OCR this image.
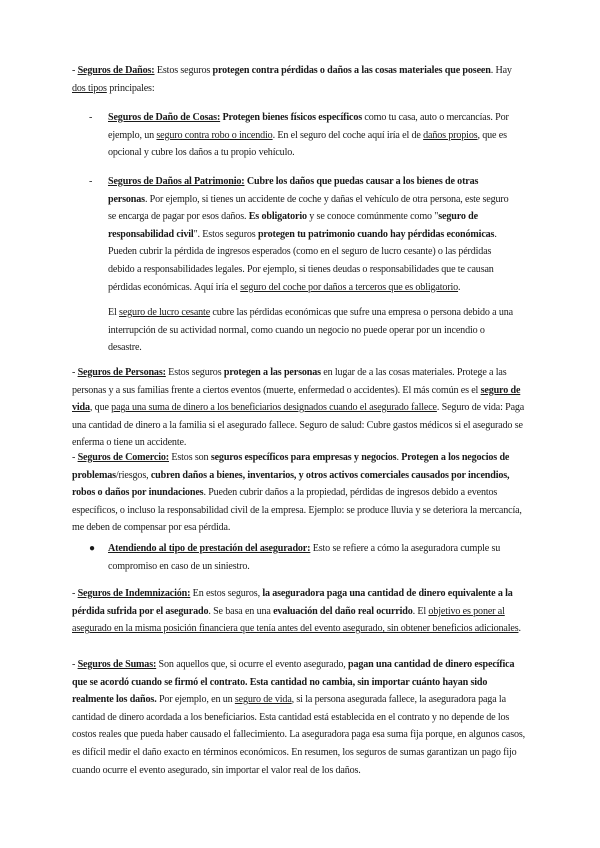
- Seguros de Daños: Estos seguros protegen contra pérdidas o daños a las cosas materiales que poseen. Hay dos tipos principales:

- Seguros de Daño de Cosas: Protegen bienes físicos específicos como tu casa, auto o mercancías. Por ejemplo, un seguro contra robo o incendio. En el seguro del coche aquí iría el de daños propios, que es opcional y cubre los daños a tu propio vehículo.

- Seguros de Daños al Patrimonio: Cubre los daños que puedas causar a los bienes de otras personas. Por ejemplo, si tienes un accidente de coche y dañas el vehículo de otra persona, este seguro se encarga de pagar por esos daños. Es obligatorio y se conoce comúnmente como "seguro de responsabilidad civil". Estos seguros protegen tu patrimonio cuando hay pérdidas económicas. Pueden cubrir la pérdida de ingresos esperados (como en el seguro de lucro cesante) o las pérdidas debido a responsabilidades legales. Por ejemplo, si tienes deudas o responsabilidades que te causan pérdidas económicas. Aquí iría el seguro del coche por daños a terceros que es obligatorio.

El seguro de lucro cesante cubre las pérdidas económicas que sufre una empresa o persona debido a una interrupción de su actividad normal, como cuando un negocio no puede operar por un incendio o desastre.

- Seguros de Personas: Estos seguros protegen a las personas en lugar de a las cosas materiales. Protege a las personas y a sus familias frente a ciertos eventos (muerte, enfermedad o accidentes). El más común es el seguro de vida, que paga una suma de dinero a los beneficiarios designados cuando el asegurado fallece. Seguro de vida: Paga una cantidad de dinero a la familia si el asegurado fallece. Seguro de salud: Cubre gastos médicos si el asegurado se enferma o tiene un accidente.

- Seguros de Comercio: Estos son seguros específicos para empresas y negocios. Protegen a los negocios de problemas/riesgos, cubren daños a bienes, inventarios, y otros activos comerciales causados por incendios, robos o daños por inundaciones. Pueden cubrir daños a la propiedad, pérdidas de ingresos debido a eventos específicos, o incluso la responsabilidad civil de la empresa. Ejemplo: se produce lluvia y se deteriora la mercancía, me deben de compensar por esa pérdida.

● Atendiendo al tipo de prestación del asegurador: Esto se refiere a cómo la aseguradora cumple su compromiso en caso de un siniestro.

- Seguros de Indemnización: En estos seguros, la aseguradora paga una cantidad de dinero equivalente a la pérdida sufrida por el asegurado. Se basa en una evaluación del daño real ocurrido. El objetivo es poner al asegurado en la misma posición financiera que tenía antes del evento asegurado, sin obtener beneficios adicionales.

- Seguros de Sumas: Son aquellos que, si ocurre el evento asegurado, pagan una cantidad de dinero específica que se acordó cuando se firmó el contrato. Esta cantidad no cambia, sin importar cuánto hayan sido realmente los daños. Por ejemplo, en un seguro de vida, si la persona asegurada fallece, la aseguradora paga la cantidad de dinero acordada a los beneficiarios. Esta cantidad está establecida en el contrato y no depende de los costos reales que pueda haber causado el fallecimiento. La aseguradora paga esa suma fija porque, en algunos casos, es difícil medir el daño exacto en términos económicos. En resumen, los seguros de sumas garantizan un pago fijo cuando ocurre el evento asegurado, sin importar el valor real de los daños.
